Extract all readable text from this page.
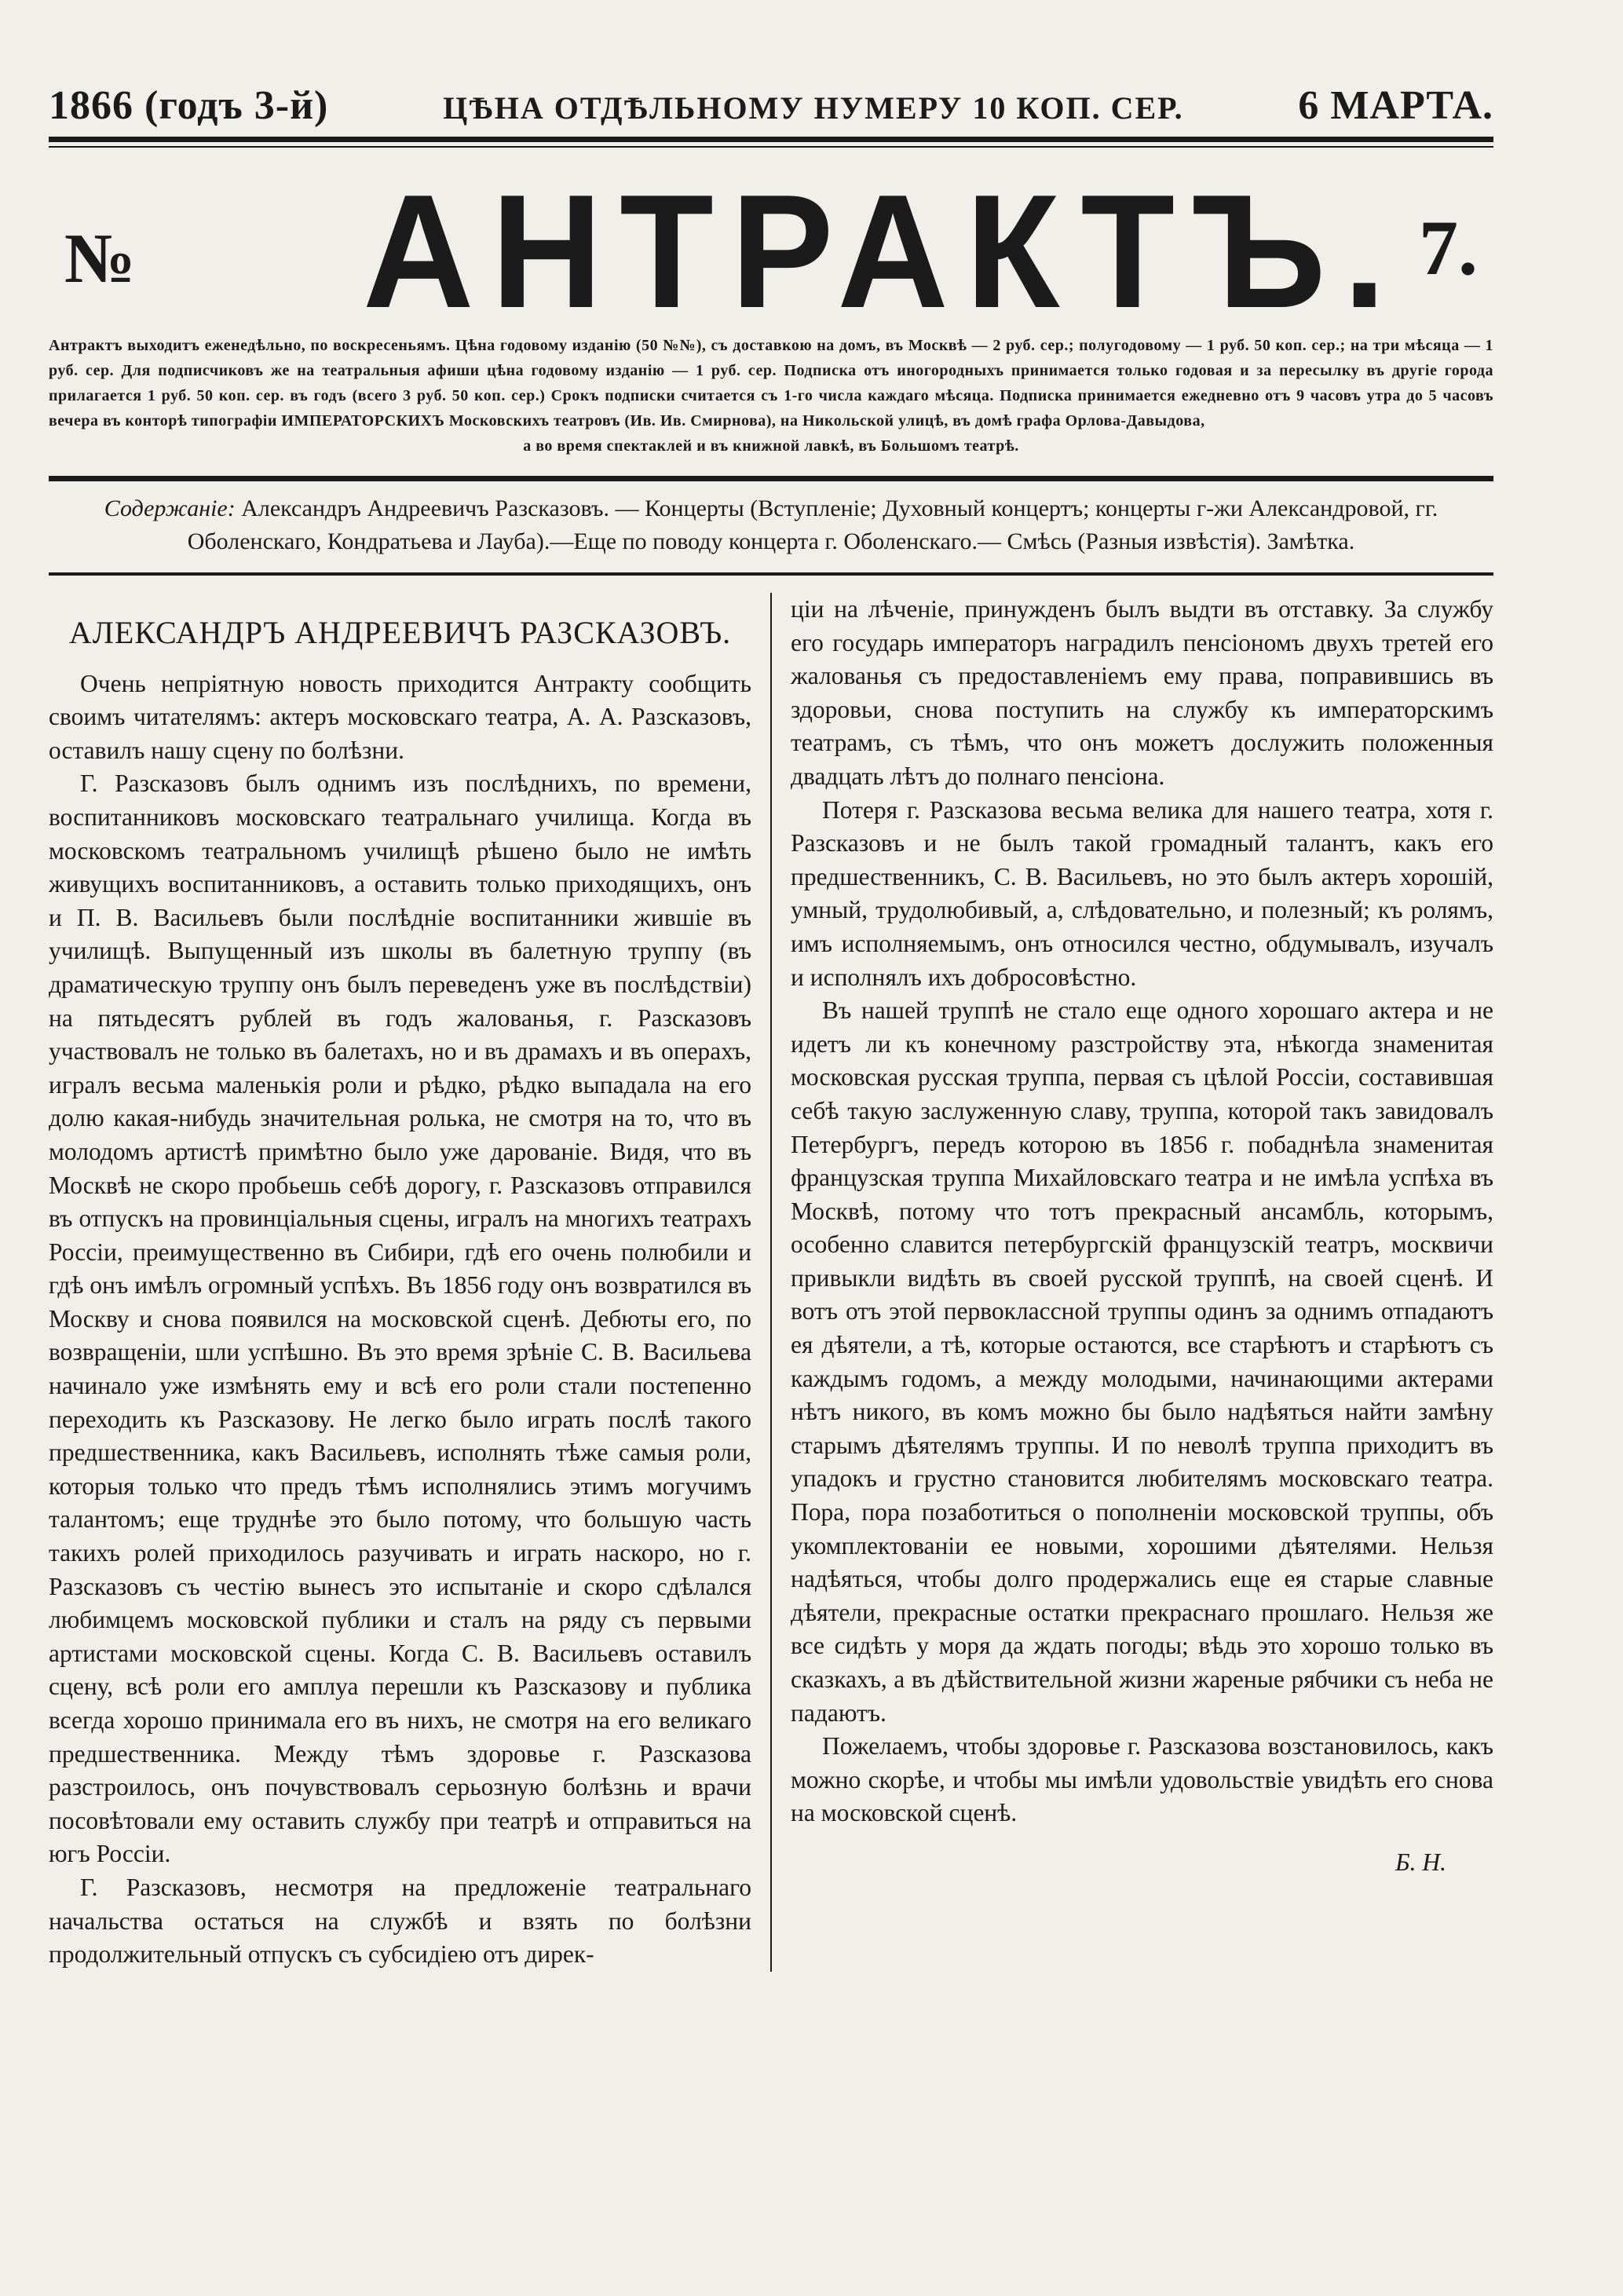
1866 (годъ 3-й)	ЦѢНА ОТДѢЛЬНОМУ НУМЕРУ 10 КОП. СЕР.	6 МАРТА.
№ АНТРАКТЪ. 7.
Антрактъ выходитъ еженедѣльно, по воскресеньямъ. Цѣна годовому изданію (50 №№), съ доставкою на домъ, въ Москвѣ — 2 руб. сер.; полугодовому — 1 руб. 50 коп. сер.; на три мѣсяца — 1 руб. сер. Для подписчиковъ же на театральныя афиши цѣна годовому изданію — 1 руб. сер. Подписка отъ иногородныхъ принимается только годовая и за пересылку въ другіе города прилагается 1 руб. 50 коп. сер. въ годъ (всего 3 руб. 50 коп. сер.) Срокъ подписки считается съ 1-го числа каждаго мѣсяца. Подписка принимается ежедневно отъ 9 часовъ утра до 5 часовъ вечера въ конторѣ типографіи ИМПЕРАТОРСКИХЪ Московскихъ театровъ (Ив. Ив. Смирнова), на Никольской улицѣ, въ домѣ графа Орлова-Давыдова,
а во время спектаклей и въ книжной лавкѣ, въ Большомъ театрѣ.
Содержаніе: Александръ Андреевичъ Разсказовъ. — Концерты (Вступленіе; Духовный концертъ; концерты г-жи Александровой, гг. Оболенскаго, Кондратьева и Лауба).—Еще по поводу концерта г. Оболенскаго.— Смѣсь (Разныя извѣстія). Замѣтка.
АЛЕКСАНДРЪ АНДРЕЕВИЧЪ РАЗСКАЗОВЪ.

Очень непріятную новость приходится Антракту сообщить своимъ читателямъ: актеръ московскаго театра, А. А. Разсказовъ, оставилъ нашу сцену по болѣзни.

Г. Разсказовъ былъ однимъ изъ послѣднихъ, по времени, воспитанниковъ московскаго театральнаго училища. Когда въ московскомъ театральномъ училищѣ рѣшено было не имѣть живущихъ воспитанниковъ, а оставить только приходящихъ, онъ и П. В. Васильевъ были послѣдніе воспитанники жившіе въ училищѣ. Выпущенный изъ школы въ балетную труппу (въ драматическую труппу онъ былъ переведенъ уже въ послѣдствіи) на пятьдесятъ рублей въ годъ жалованья, г. Разсказовъ участвовалъ не только въ балетахъ, но и въ драмахъ и въ операхъ, игралъ весьма маленькія роли и рѣдко, рѣдко выпадала на его долю какая-нибудь значительная ролька, не смотря на то, что въ молодомъ артистѣ примѣтно было уже дарованіе. Видя, что въ Москвѣ не скоро пробьешь себѣ дорогу, г. Разсказовъ отправился въ отпускъ на провинціальныя сцены, игралъ на многихъ театрахъ Россіи, преимущественно въ Сибири, гдѣ его очень полюбили и гдѣ онъ имѣлъ огромный успѣхъ. Въ 1856 году онъ возвратился въ Москву и снова появился на московской сценѣ. Дебюты его, по возвращеніи, шли успѣшно. Въ это время зрѣніе С. В. Васильева начинало уже измѣнять ему и всѣ его роли стали постепенно переходить къ Разсказову. Не легко было играть послѣ такого предшественника, какъ Васильевъ, исполнять тѣже самыя роли, которыя только что предъ тѣмъ исполнялись этимъ могучимъ талантомъ; еще труднѣе это было потому, что большую часть такихъ ролей приходилось разучивать и играть наскоро, но г. Разсказовъ съ честію вынесъ это испытаніе и скоро сдѣлался любимцемъ московской публики и сталъ на ряду съ первыми артистами московской сцены. Когда С. В. Васильевъ оставилъ сцену, всѣ роли его амплуа перешли къ Разсказову и публика всегда хорошо принимала его въ нихъ, не смотря на его великаго предшественника. Между тѣмъ здоровье г. Разсказова разстроилось, онъ почувствовалъ серьозную болѣзнь и врачи посовѣтовали ему оставить службу при театрѣ и отправиться на югъ Россіи.

Г. Разсказовъ, несмотря на предложеніе театральнаго начальства остаться на службѣ и взять по болѣзни продолжительный отпускъ съ субсидіею отъ дирек-

ціи на лѣченіе, принужденъ былъ выдти въ отставку. За службу его государь императоръ наградилъ пенсіономъ двухъ третей его жалованья съ предоставленіемъ ему права, поправившись въ здоровьи, снова поступить на службу къ императорскимъ театрамъ, съ тѣмъ, что онъ можетъ дослужить положенныя двадцать лѣтъ до полнаго пенсіона.

Потеря г. Разсказова весьма велика для нашего театра, хотя г. Разсказовъ и не былъ такой громадный талантъ, какъ его предшественникъ, С. В. Васильевъ, но это былъ актеръ хорошій, умный, трудолюбивый, а, слѣдовательно, и полезный; къ ролямъ, имъ исполняемымъ, онъ относился честно, обдумывалъ, изучалъ и исполнялъ ихъ добросовѣстно.

Въ нашей труппѣ не стало еще одного хорошаго актера и не идетъ ли къ конечному разстройству эта, нѣкогда знаменитая московская русская труппа, первая съ цѣлой Россіи, составившая себѣ такую заслуженную славу, труппа, которой такъ завидовалъ Петербургъ, передъ которою въ 1856 г. побаднѣла знаменитая французская труппа Михайловскаго театра и не имѣла успѣха въ Москвѣ, потому что тотъ прекрасный ансамбль, которымъ, особенно славится петербургскій французскій театръ, москвичи привыкли видѣть въ своей русской труппѣ, на своей сценѣ. И вотъ отъ этой первоклассной труппы одинъ за однимъ отпадаютъ ея дѣятели, а тѣ, которые остаются, все старѣютъ и старѣютъ съ каждымъ годомъ, а между молодыми, начинающими актерами нѣтъ никого, въ комъ можно бы было надѣяться найти замѣну старымъ дѣятелямъ труппы. И по неволѣ труппа приходитъ въ упадокъ и грустно становится любителямъ московскаго театра. Пора, пора позаботиться о пополненіи московской труппы, объ укомплектованіи ее новыми, хорошими дѣятелями. Нельзя надѣяться, чтобы долго продержались еще ея старые славные дѣятели, прекрасные остатки прекраснаго прошлаго. Нельзя же все сидѣть у моря да ждать погоды; вѣдь это хорошо только въ сказкахъ, а въ дѣйствительной жизни жареные рябчики съ неба не падаютъ.

Пожелаемъ, чтобы здоровье г. Разсказова возстановилось, какъ можно скорѣе, и чтобы мы имѣли удовольствіе увидѣть его снова на московской сценѣ.

Б. Н.
